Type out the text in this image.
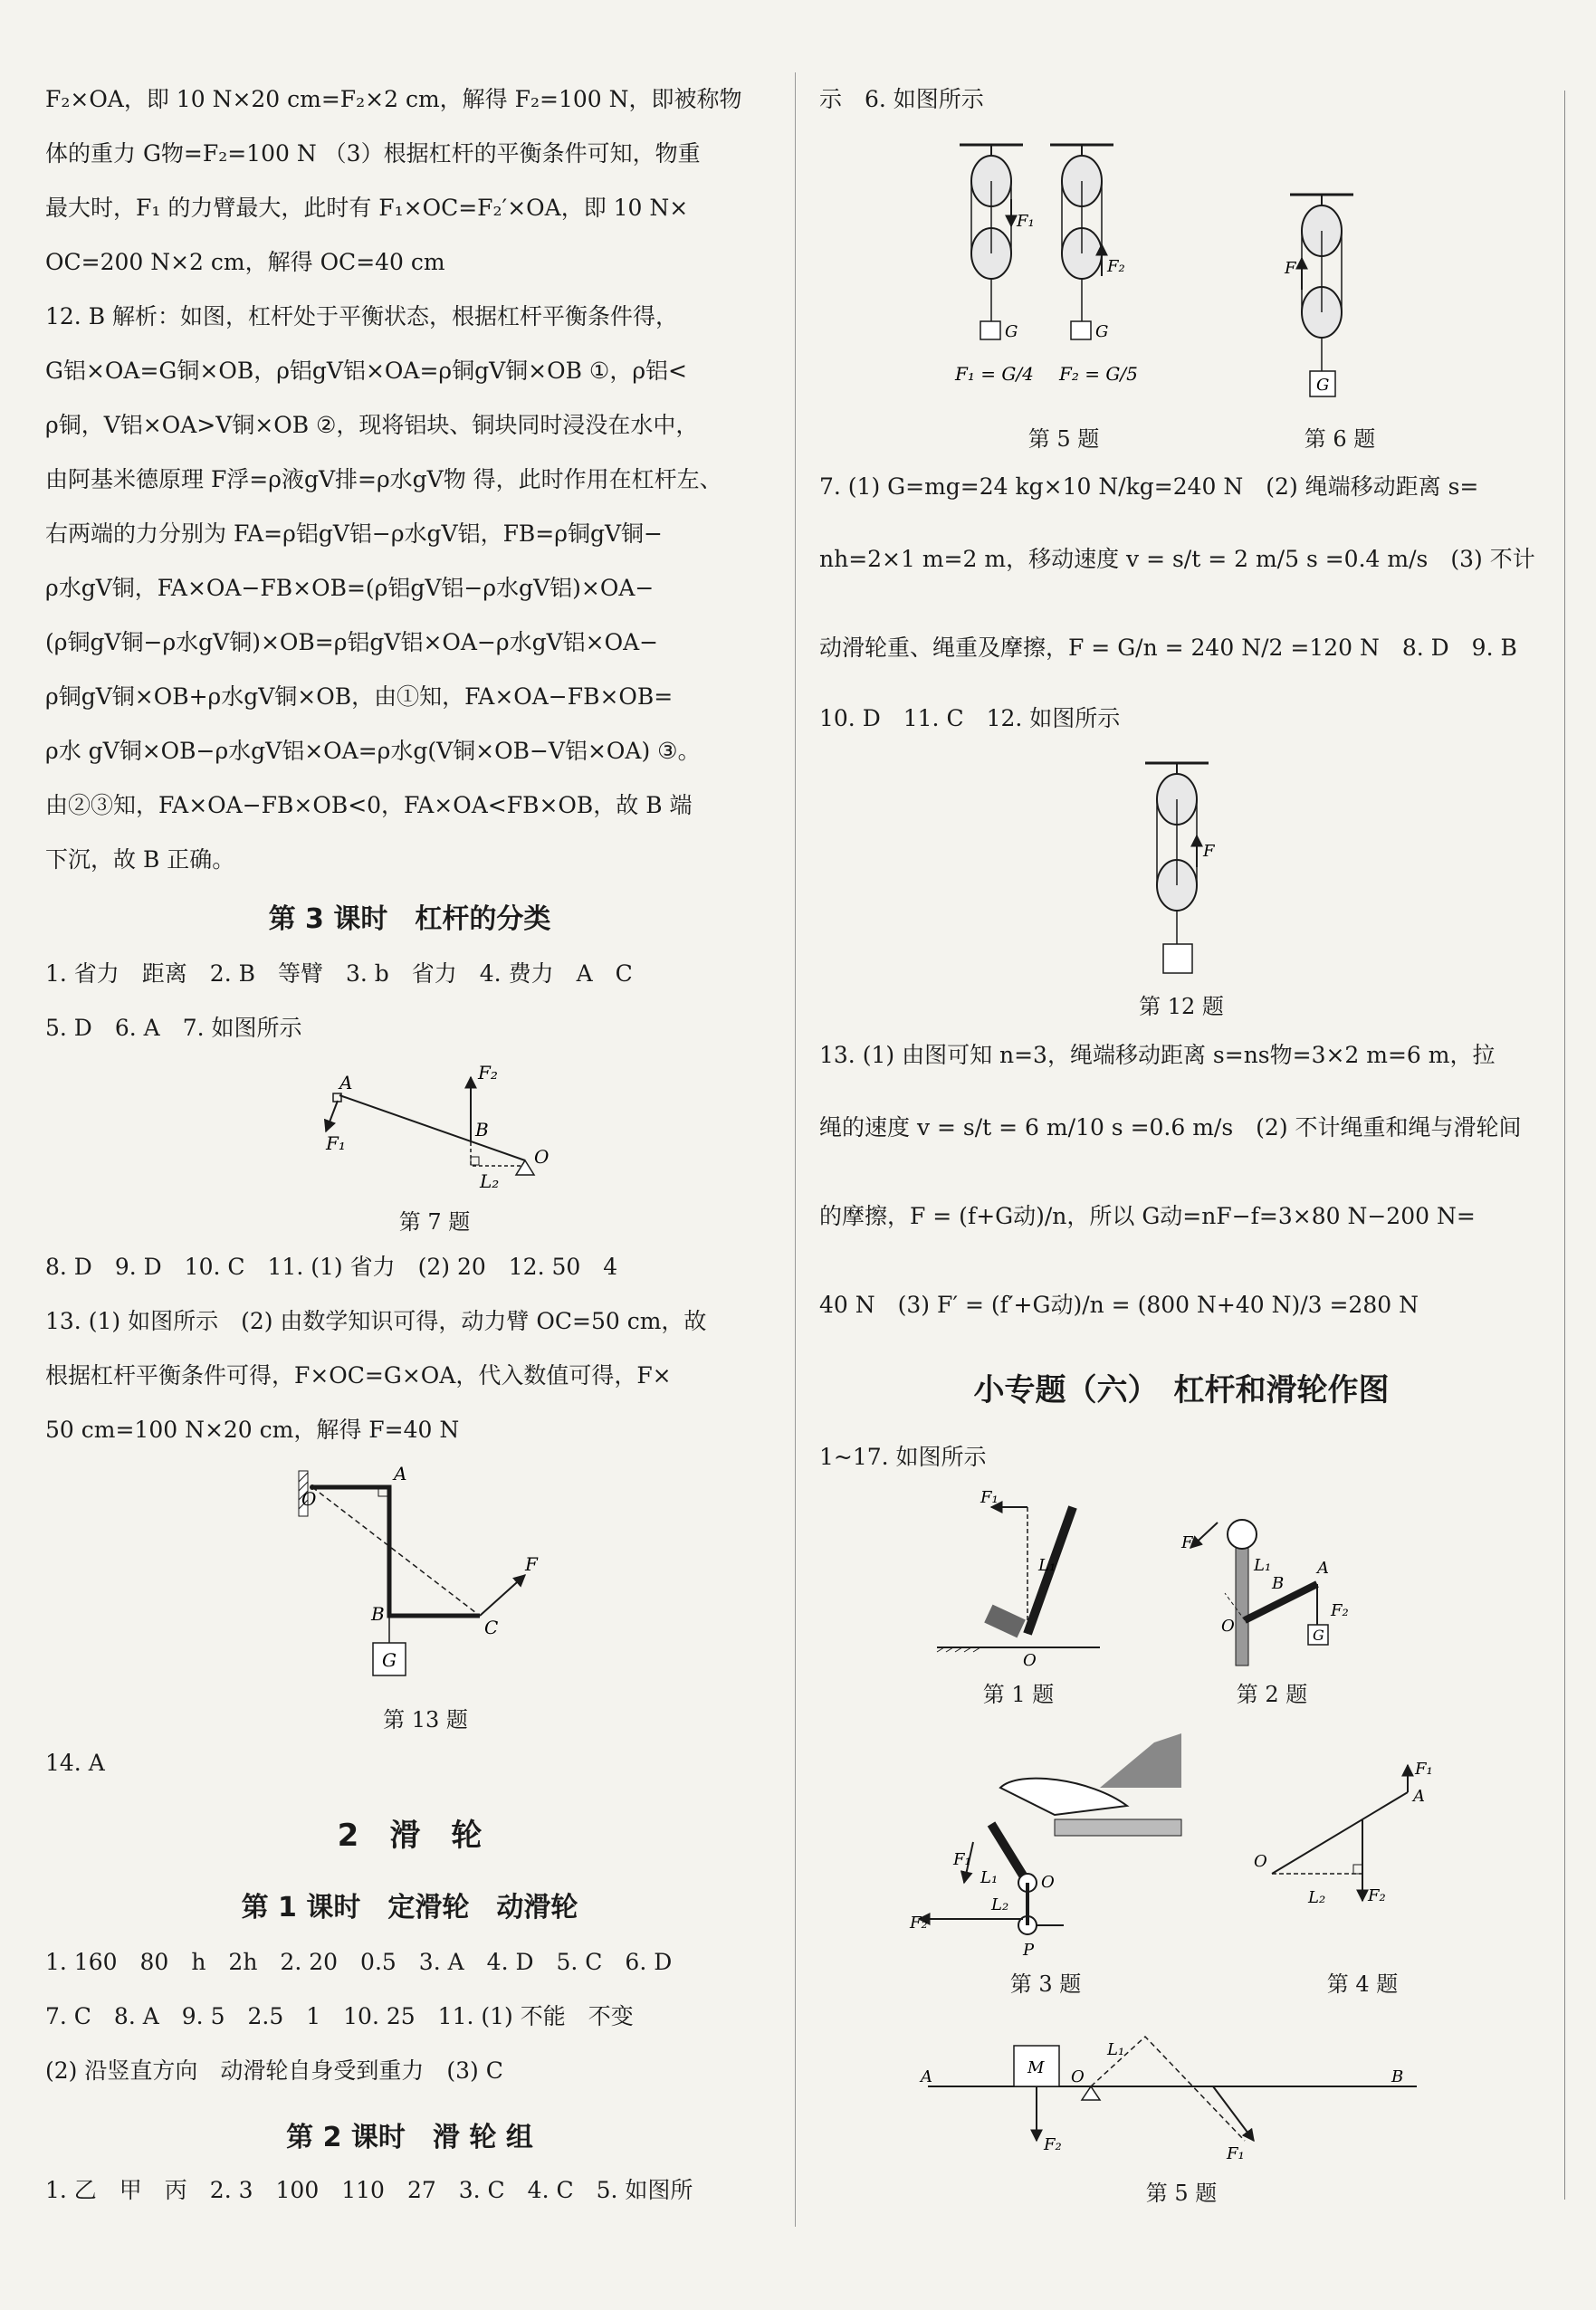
F₂×OA，即 10 N×20 cm=F₂×2 cm，解得 F₂=100 N，即被称物

体的重力 G物=F₂=100 N （3）根据杠杆的平衡条件可知，物重

最大时，F₁ 的力臂最大，此时有 F₁×OC=F₂′×OA，即 10 N×

OC=200 N×2 cm，解得 OC=40 cm

12. B 解析：如图，杠杆处于平衡状态，根据杠杆平衡条件得，

G铝×OA=G铜×OB，ρ铝gV铝×OA=ρ铜gV铜×OB ①，ρ铝<

ρ铜，V铝×OA>V铜×OB ②，现将铝块、铜块同时浸没在水中，

由阿基米德原理 F浮=ρ液gV排=ρ水gV物 得，此时作用在杠杆左、

右两端的力分别为 FA=ρ铝gV铝−ρ水gV铝，FB=ρ铜gV铜−

ρ水gV铜，FA×OA−FB×OB=(ρ铝gV铝−ρ水gV铝)×OA−

(ρ铜gV铜−ρ水gV铜)×OB=ρ铝gV铝×OA−ρ水gV铝×OA−

ρ铜gV铜×OB+ρ水gV铜×OB，由①知，FA×OA−FB×OB=

ρ水 gV铜×OB−ρ水gV铝×OA=ρ水g(V铜×OB−V铝×OA) ③。

由②③知，FA×OA−FB×OB<0，FA×OA<FB×OB，故 B 端

下沉，故 B 正确。

第 3 课时　杠杆的分类

1. 省力　距离　2. B　等臂　3. b　省力　4. 费力　A　C

5. D　6. A　7. 如图所示

A
F₁
F₂
B
O
L₂
第 7 题

8. D　9. D　10. C　11. (1) 省力　(2) 20　12. 50　4

13. (1) 如图所示　(2) 由数学知识可得，动力臂 OC=50 cm，故

根据杠杆平衡条件可得，F×OC=G×OA，代入数值可得，F×

50 cm=100 N×20 cm，解得 F=40 N

G
O
A
B
C
F
第 13 题

14. A

2　滑　轮
第 1 课时　定滑轮　动滑轮

1. 160　80　h　2h　2. 20　0.5　3. A　4. D　5. C　6. D

7. C　8. A　9. 5　2.5　1　10. 25　11. (1) 不能　不变

(2) 沿竖直方向　动滑轮自身受到重力　(3) C

第 2 课时　滑 轮 组

1. 乙　甲　丙　2. 3　100　110　27　3. C　4. C　5. 如图所

示　6. 如图所示

F₁
G
F₂
G
F₁ = G/4 F₂ = G/5
第 5 题
F
G
第 6 题

7. (1) G=mg=24 kg×10 N/kg=240 N　(2) 绳端移动距离 s=

nh=2×1 m=2 m，移动速度 v = s/t = 2 m/5 s =0.4 m/s　(3) 不计

动滑轮重、绳重及摩擦，F = G/n = 240 N/2 =120 N　8. D　9. B

10. D　11. C　12. 如图所示

F
第 12 题

13. (1) 由图可知 n=3，绳端移动距离 s=ns物=3×2 m=6 m，拉

绳的速度 v = s/t = 6 m/10 s =0.6 m/s　(2) 不计绳重和绳与滑轮间

的摩擦，F = (f+G动)/n，所以 G动=nF−f=3×80 N−200 N=

40 N　(3) F′ = (f′+G动)/n = (800 N+40 N)/3 =280 N

小专题（六）　杠杆和滑轮作图

1~17. 如图所示

F₁
L₁
O
第 1 题
F
O
B
A
L₁
F₂
G
第 2 题
F₁
L₁	O
L₂
F₂
P
第 3 题
F₁
A
O
L₂	F₂
第 4 题
A	B
M O
L₁
F₂	F₁
第 5 题
